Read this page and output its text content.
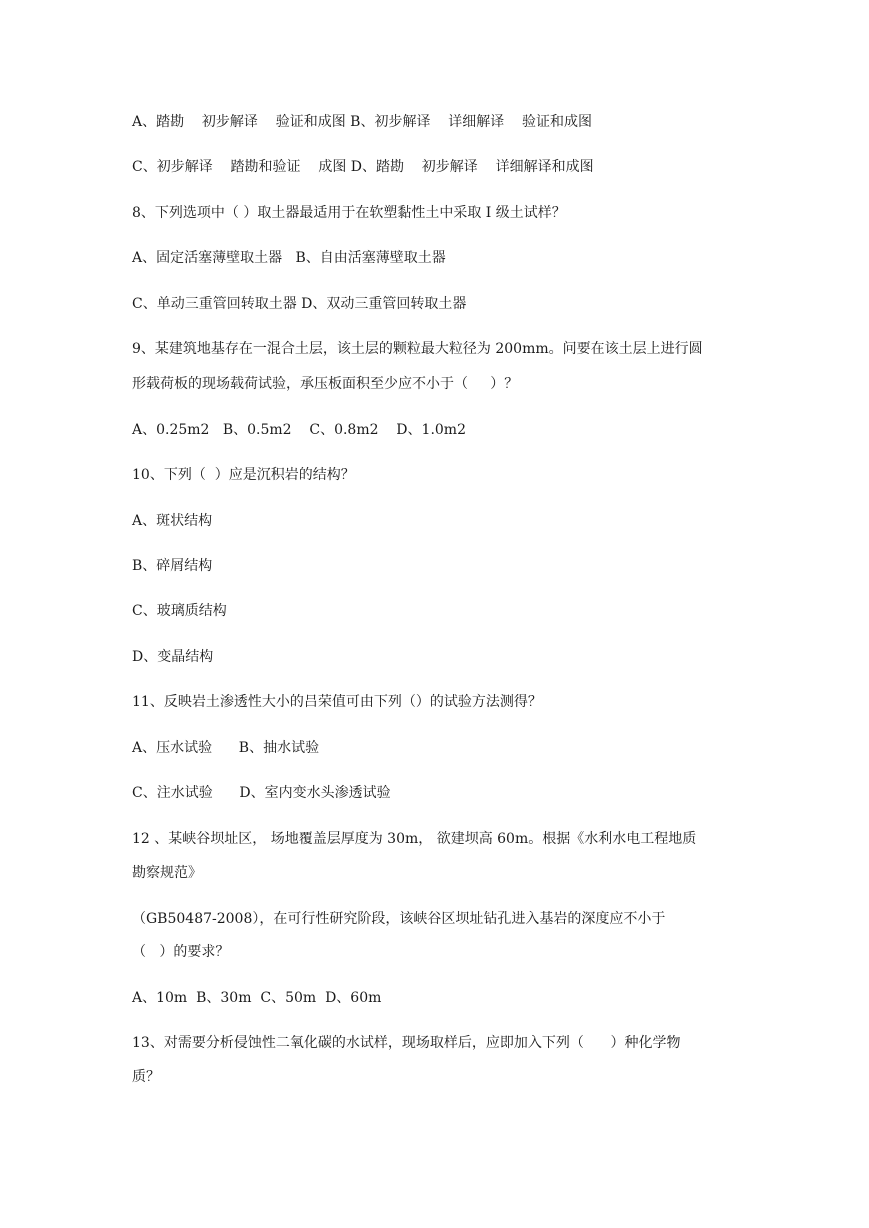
A、踏勘    初步解译    验证和成图 B、初步解译    详细解译    验证和成图
C、初步解译    踏勘和验证    成图 D、踏勘    初步解译    详细解译和成图
8、下列选项中（ ）取土器最适用于在软塑黏性土中采取 I 级土试样？
A、固定活塞薄壁取土器   B、自由活塞薄壁取土器
C、单动三重管回转取土器 D、双动三重管回转取土器
9、某建筑地基存在一混合土层，该土层的颗粒最大粒径为 200mm。问要在该土层上进行圆
形载荷板的现场载荷试验，承压板面积至少应不小于（     ）？
A、0.25m2   B、0.5m2    C、0.8m2    D、1.0m2
10、下列（  ）应是沉积岩的结构？
A、斑状结构
B、碎屑结构
C、玻璃质结构
D、变晶结构
11、反映岩土渗透性大小的吕荣值可由下列（）的试验方法测得？
A、压水试验      B、抽水试验
C、注水试验      D、室内变水头渗透试验
12 、某峡谷坝址区， 场地覆盖层厚度为 30m， 欲建坝高 60m。根据《水利水电工程地质
勘察规范》
（GB50487-2008），在可行性研究阶段，该峡谷区坝址钻孔进入基岩的深度应不小于
（   ）的要求？
A、10m  B、30m  C、50m  D、60m
13、对需要分析侵蚀性二氧化碳的水试样，现场取样后，应即加入下列（      ）种化学物
质？
